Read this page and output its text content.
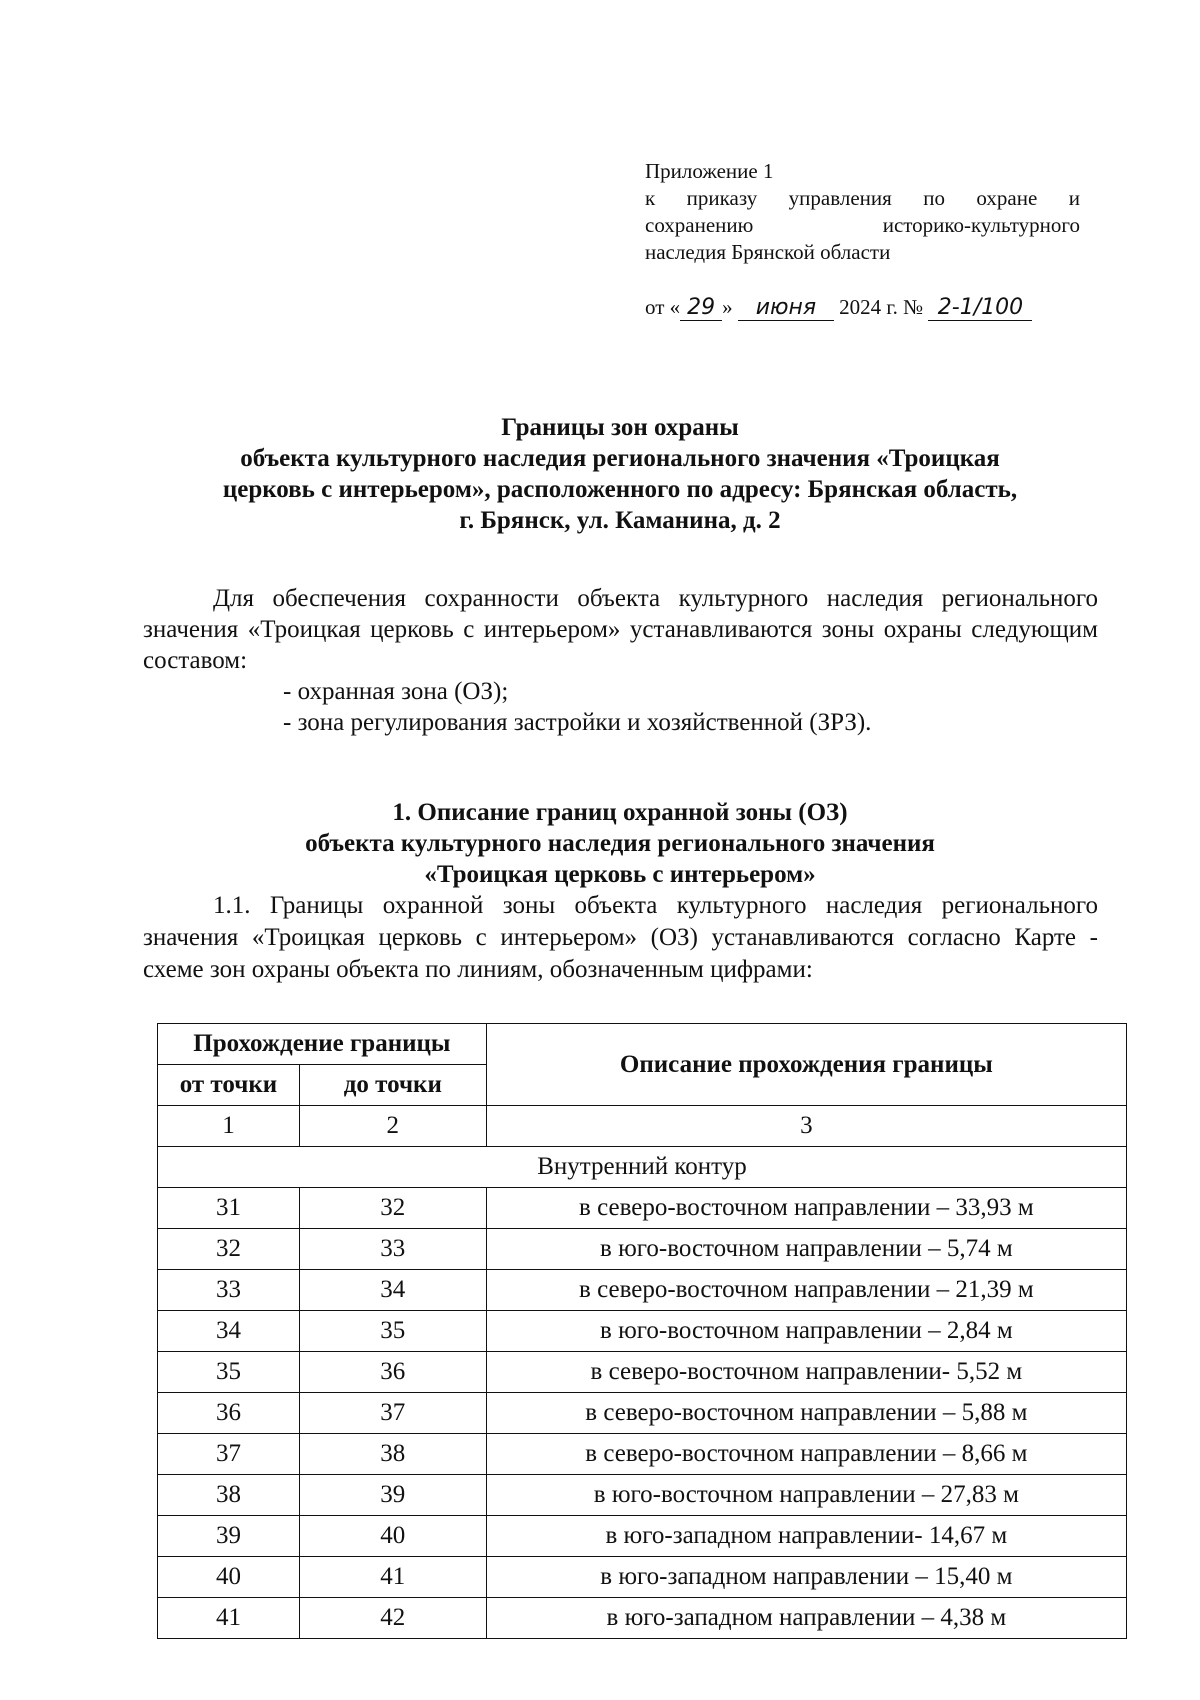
Приложение 1
к приказу управления по охране и
сохранению историко-культурного
наследия Брянской области
от « 29 » июня 2024 г. № 2-1/100
Границы зон охраны
объекта культурного наследия регионального значения «Троицкая
церковь с интерьером», расположенного по адресу: Брянская область,
г. Брянск, ул. Каманина, д. 2

Для обеспечения сохранности объекта культурного наследия регионального значения «Троицкая церковь с интерьером» устанавливаются зоны охраны следующим составом:

- охранная зона (ОЗ);

- зона регулирования застройки и хозяйственной (ЗРЗ).

1. Описание границ охранной зоны (ОЗ)
объекта культурного наследия регионального значения
«Троицкая церковь с интерьером»

1.1. Границы охранной зоны объекта культурного наследия регионального значения «Троицкая церковь с интерьером» (ОЗ) устанавливаются согласно Карте - схеме зон охраны объекта по линиям, обозначенным цифрами:

Прохождение границы		Описание прохождения границы
от точки	до точки	
1	2	3
Внутренний контур		
31	32	в северо-восточном направлении – 33,93 м
32	33	в юго-восточном направлении – 5,74 м
33	34	в северо-восточном направлении – 21,39 м
34	35	в юго-восточном направлении – 2,84 м
35	36	в северо-восточном направлении- 5,52 м
36	37	в северо-восточном направлении – 5,88 м
37	38	в северо-восточном направлении – 8,66 м
38	39	в юго-восточном направлении – 27,83 м
39	40	в юго-западном направлении- 14,67 м
40	41	в юго-западном направлении – 15,40 м
41	42	в юго-западном направлении – 4,38 м
